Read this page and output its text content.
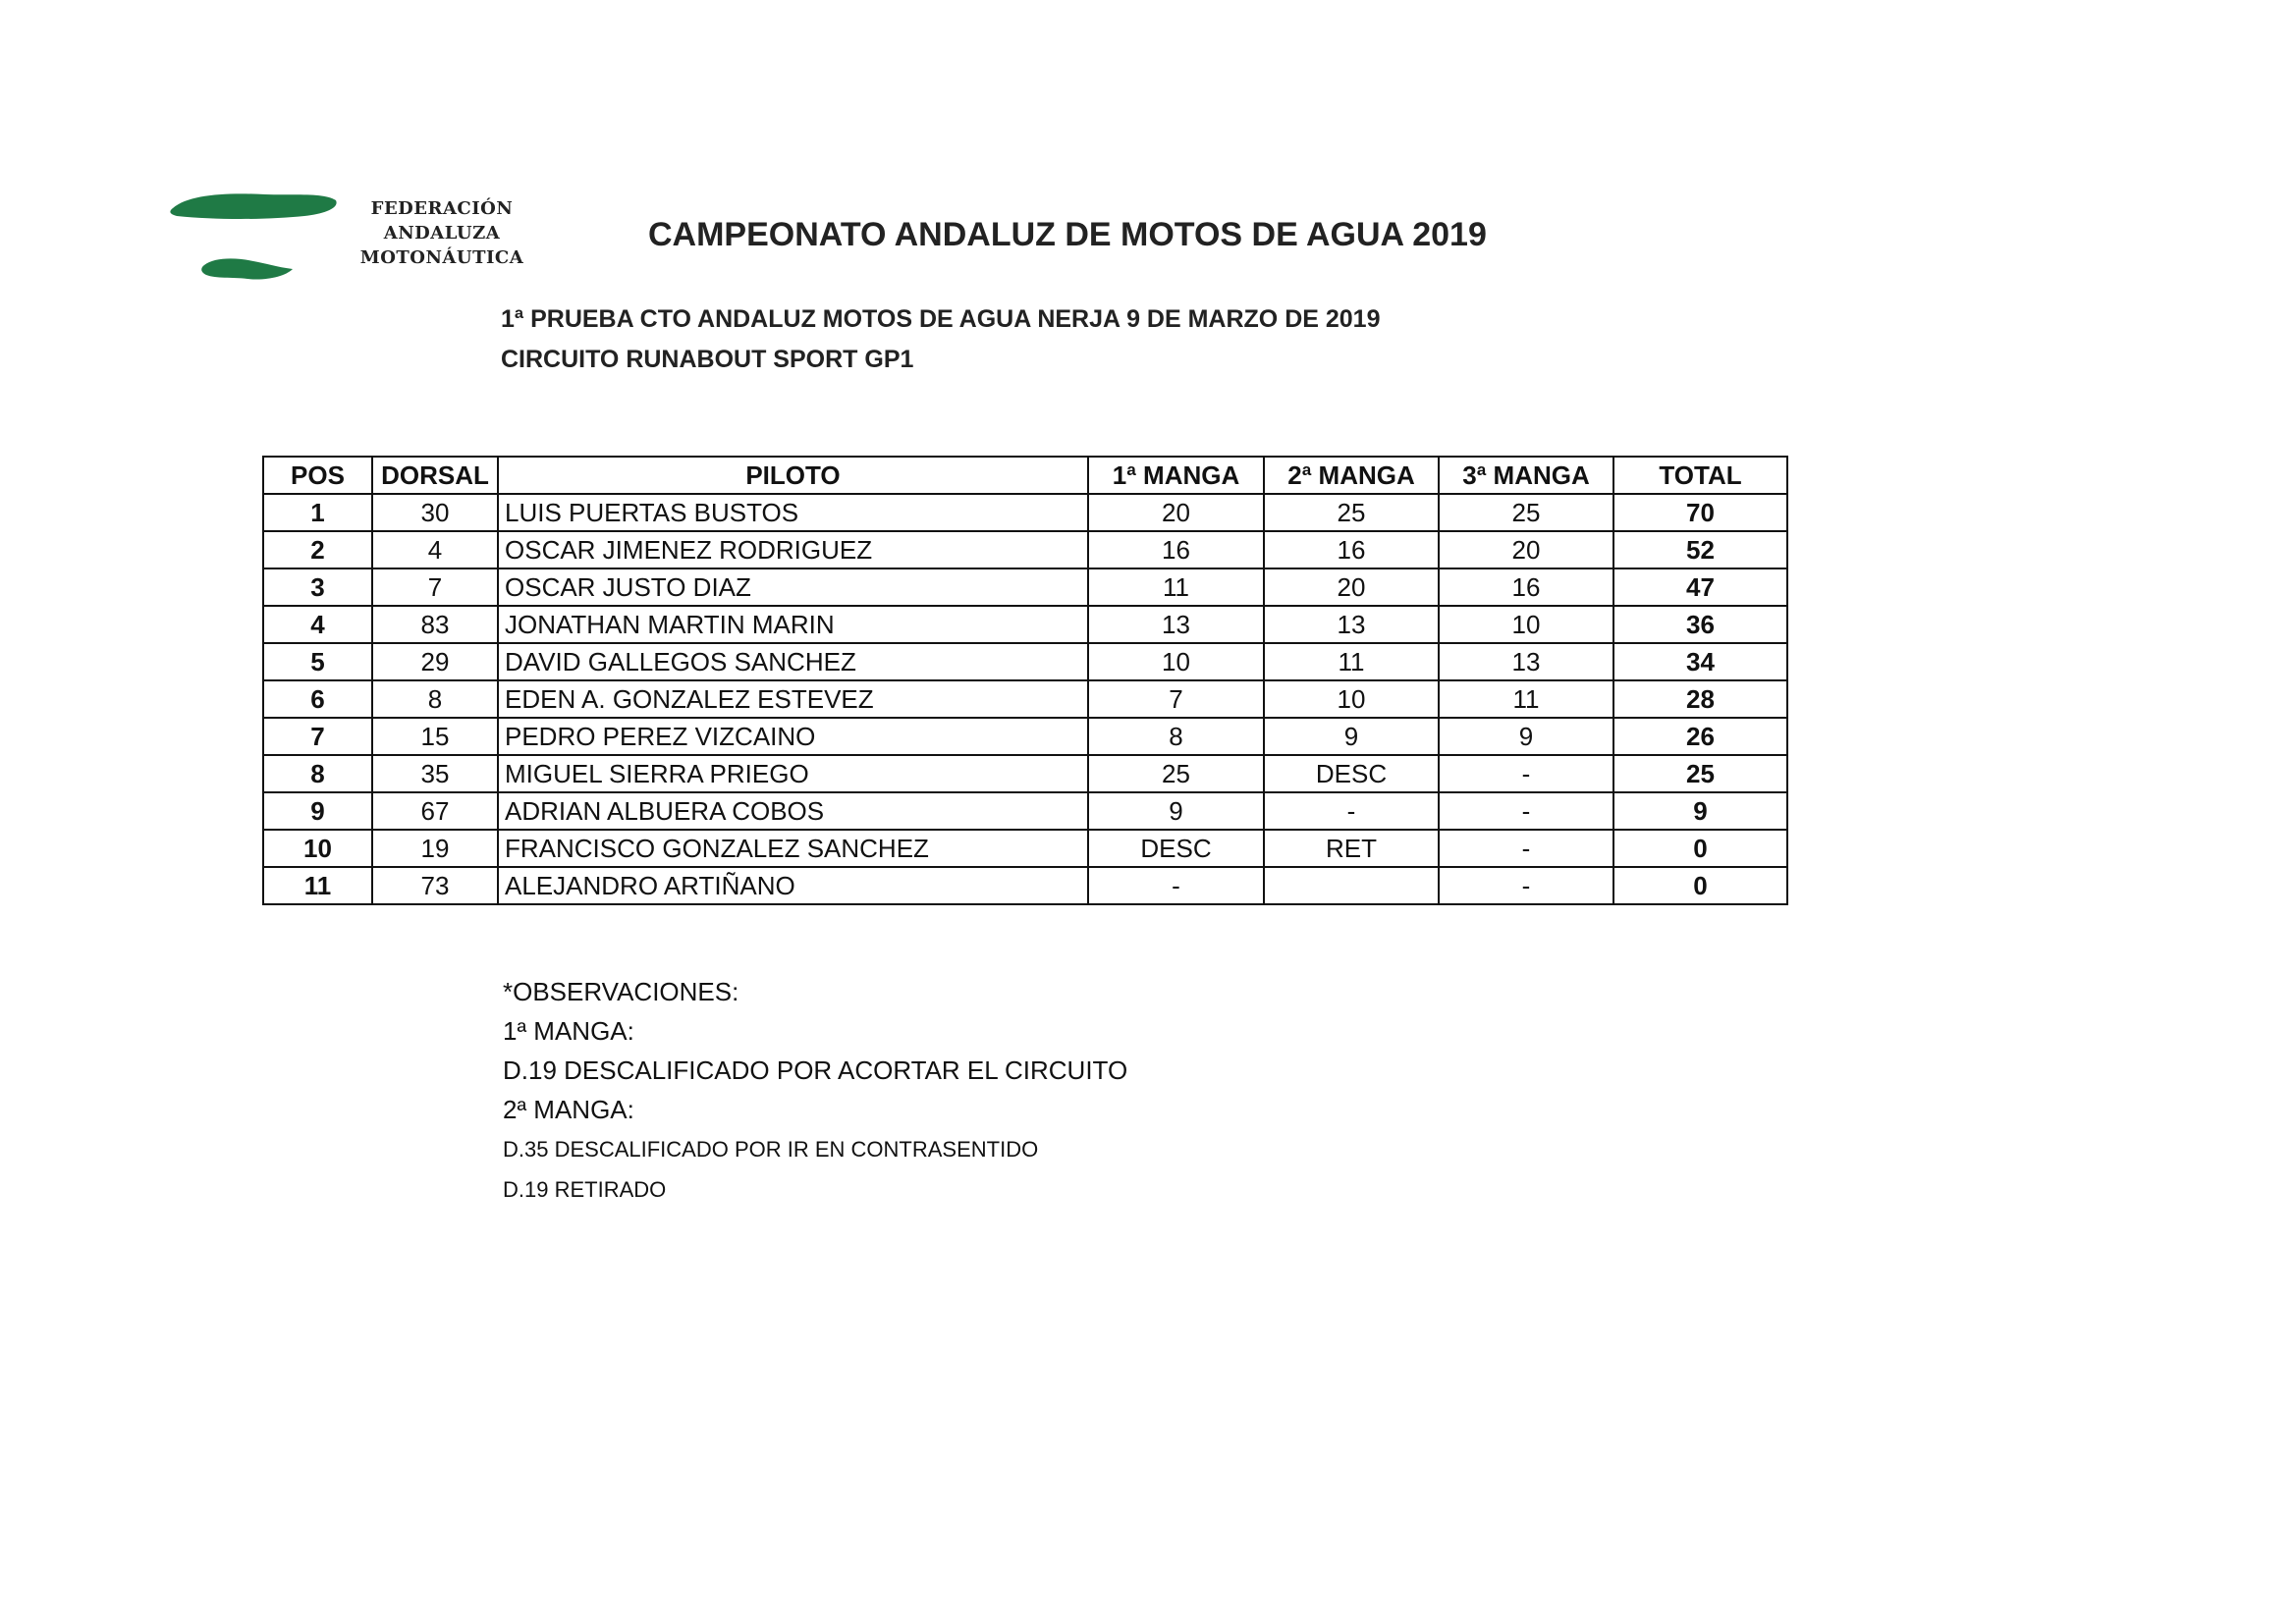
FEDERACIÓN
ANDALUZA
MOTONÁUTICA
CAMPEONATO ANDALUZ DE MOTOS DE AGUA 2019
1ª PRUEBA CTO ANDALUZ MOTOS DE AGUA NERJA 9 DE MARZO DE 2019
CIRCUITO RUNABOUT SPORT GP1
POS	DORSAL	PILOTO	1ª MANGA	2ª MANGA	3ª MANGA	TOTAL
1	30	LUIS PUERTAS BUSTOS	20	25	25	70
2	4	OSCAR JIMENEZ RODRIGUEZ	16	16	20	52
3	7	OSCAR JUSTO DIAZ	11	20	16	47
4	83	JONATHAN MARTIN MARIN	13	13	10	36
5	29	DAVID GALLEGOS SANCHEZ	10	11	13	34
6	8	EDEN A. GONZALEZ ESTEVEZ	7	10	11	28
7	15	PEDRO PEREZ VIZCAINO	8	9	9	26
8	35	MIGUEL SIERRA PRIEGO	25	DESC	-	25
9	67	ADRIAN ALBUERA COBOS	9	-	-	9
10	19	FRANCISCO GONZALEZ SANCHEZ	DESC	RET	-	0
11	73	ALEJANDRO ARTIÑANO	-		-	0
*OBSERVACIONES:
1ª MANGA:
D.19 DESCALIFICADO POR ACORTAR EL CIRCUITO
2ª MANGA:
D.35 DESCALIFICADO POR IR EN CONTRASENTIDO
D.19 RETIRADO
